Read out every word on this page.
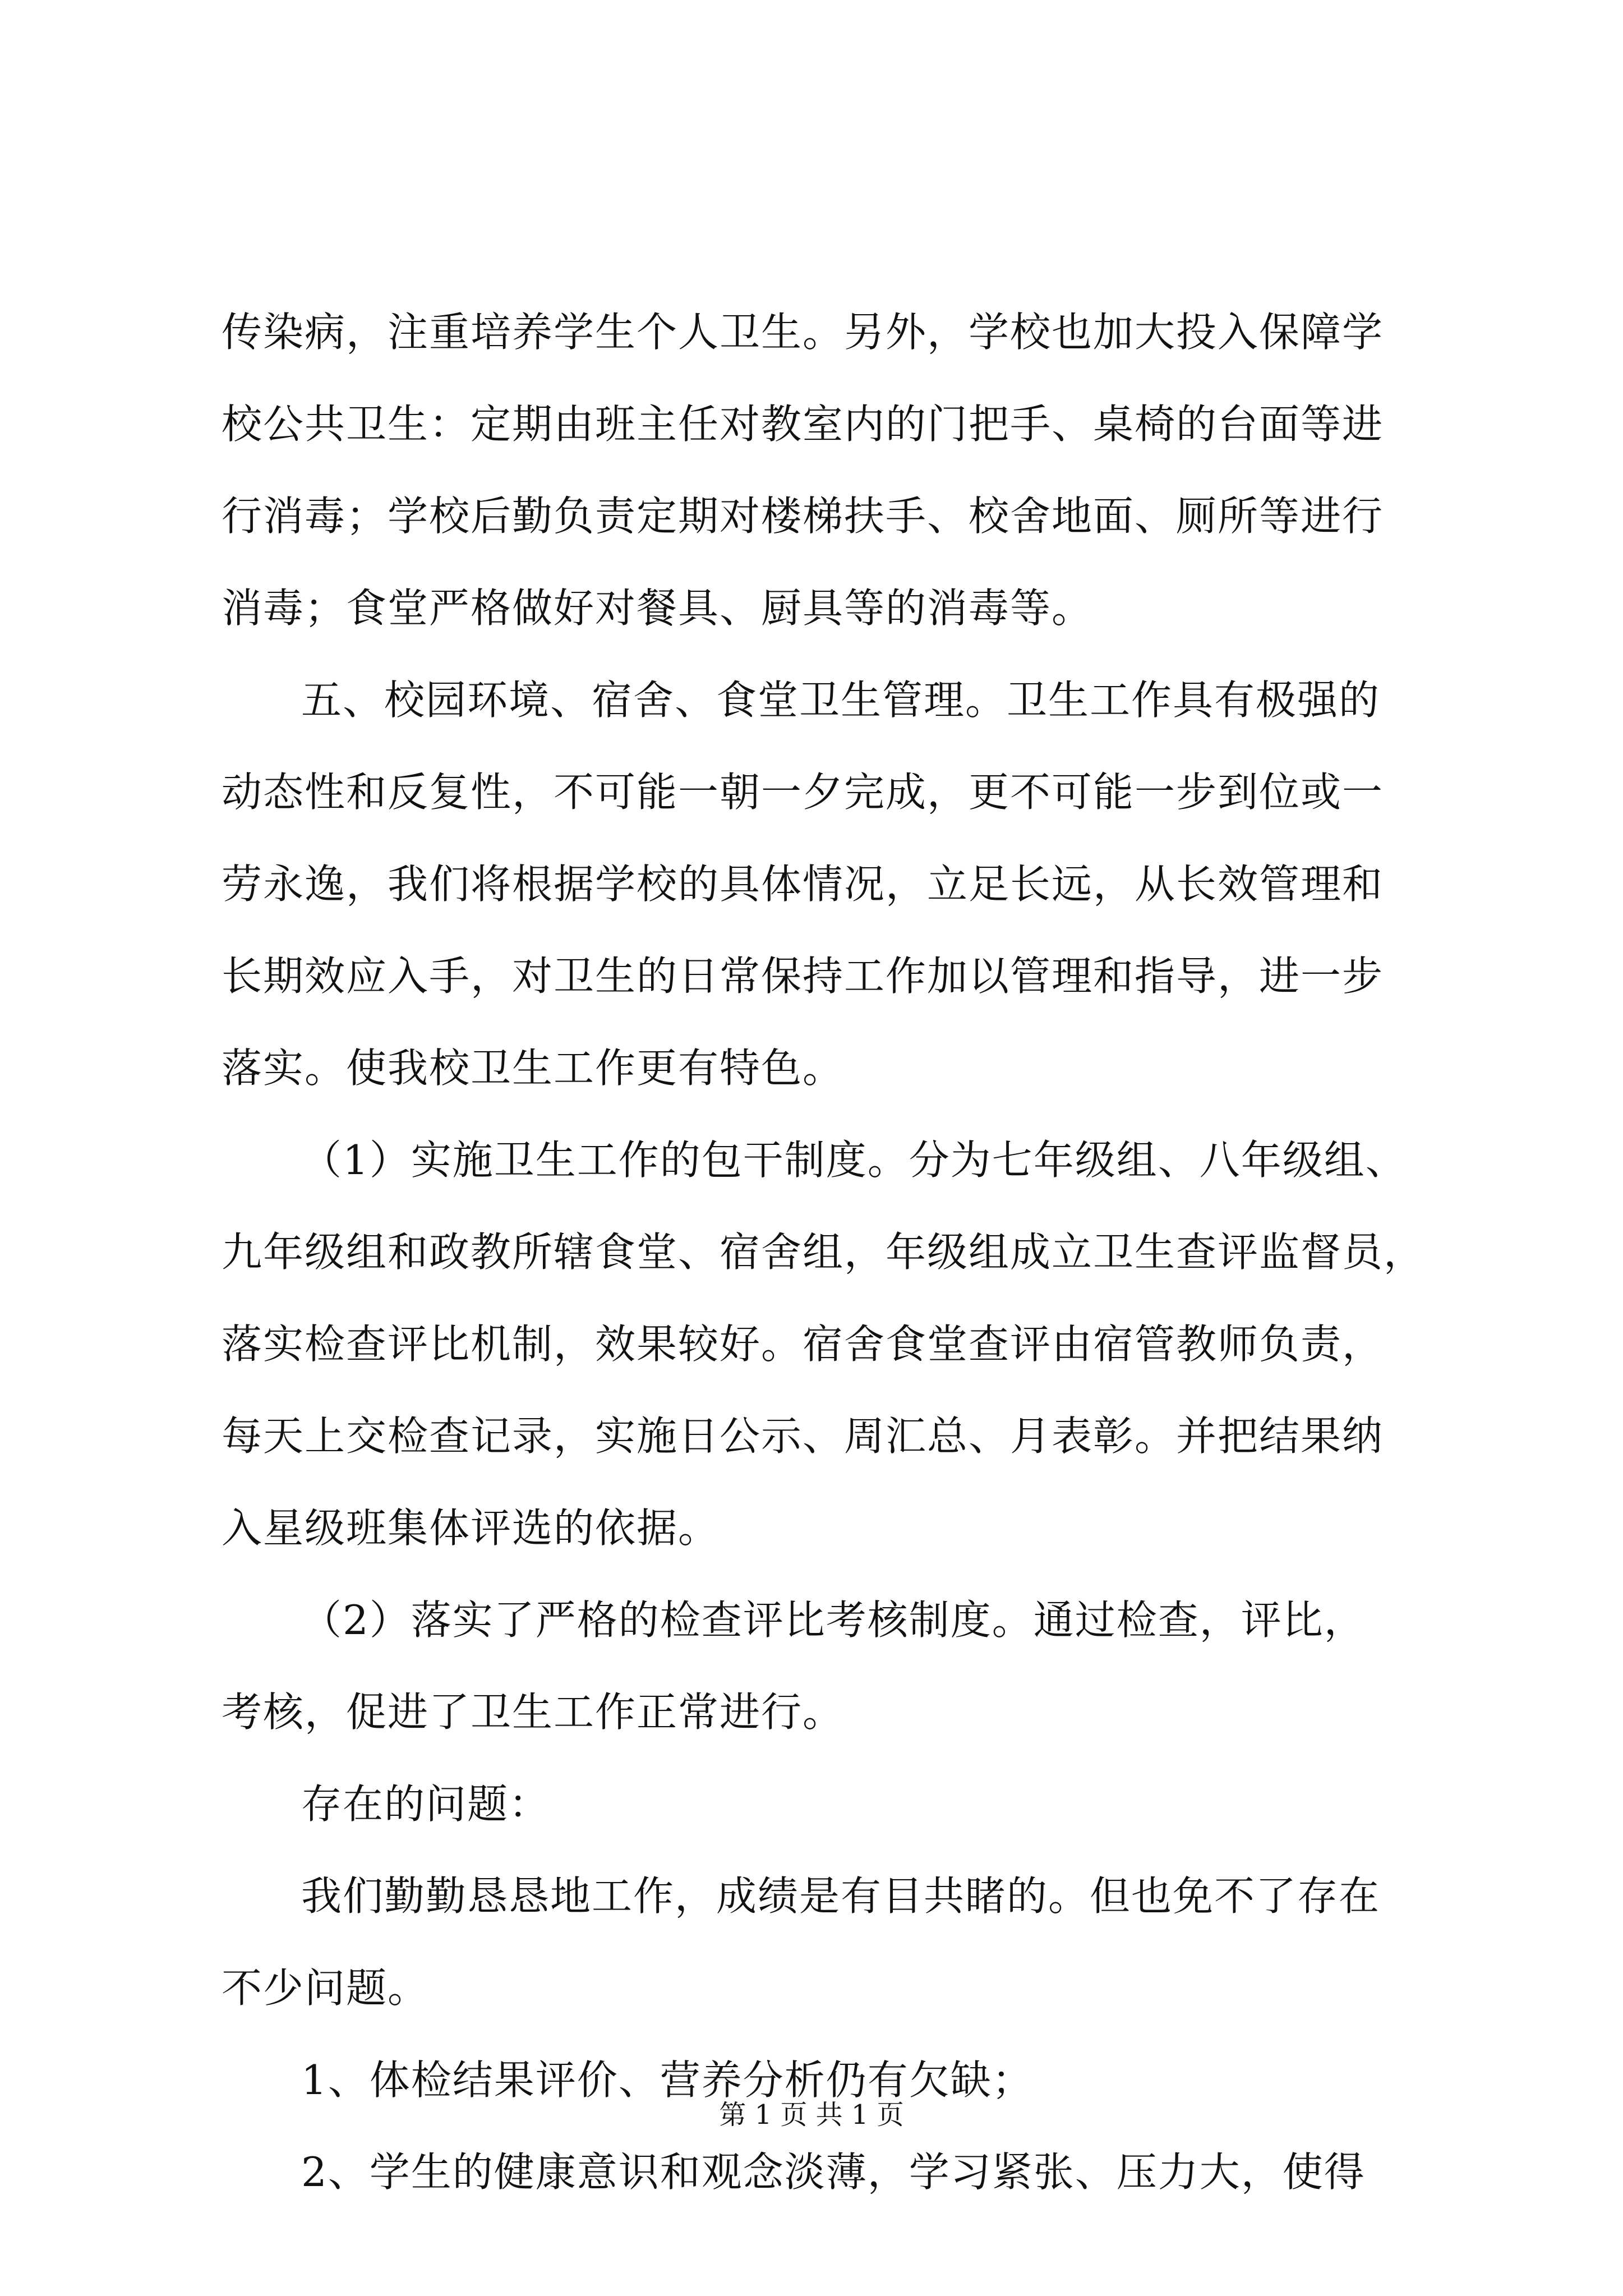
传染病，注重培养学生个人卫生。另外，学校也加大投入保障学
校公共卫生：定期由班主任对教室内的门把手、桌椅的台面等进
行消毒；学校后勤负责定期对楼梯扶手、校舍地面、厕所等进行
消毒；食堂严格做好对餐具、厨具等的消毒等。
五、校园环境、宿舍、食堂卫生管理。卫生工作具有极强的
动态性和反复性，不可能一朝一夕完成，更不可能一步到位或一
劳永逸，我们将根据学校的具体情况，立足长远，从长效管理和
长期效应入手，对卫生的日常保持工作加以管理和指导，进一步
落实。使我校卫生工作更有特色。
（1）实施卫生工作的包干制度。分为七年级组、八年级组、
九年级组和政教所辖食堂、宿舍组，年级组成立卫生查评监督员，
落实检查评比机制，效果较好。宿舍食堂查评由宿管教师负责，
每天上交检查记录，实施日公示、周汇总、月表彰。并把结果纳
入星级班集体评选的依据。
（2）落实了严格的检查评比考核制度。通过检查，评比，
考核，促进了卫生工作正常进行。
存在的问题：
我们勤勤恳恳地工作，成绩是有目共睹的。但也免不了存在
不少问题。
1、体检结果评价、营养分析仍有欠缺；
2、学生的健康意识和观念淡薄，学习紧张、压力大，使得
第 1 页 共 1 页
